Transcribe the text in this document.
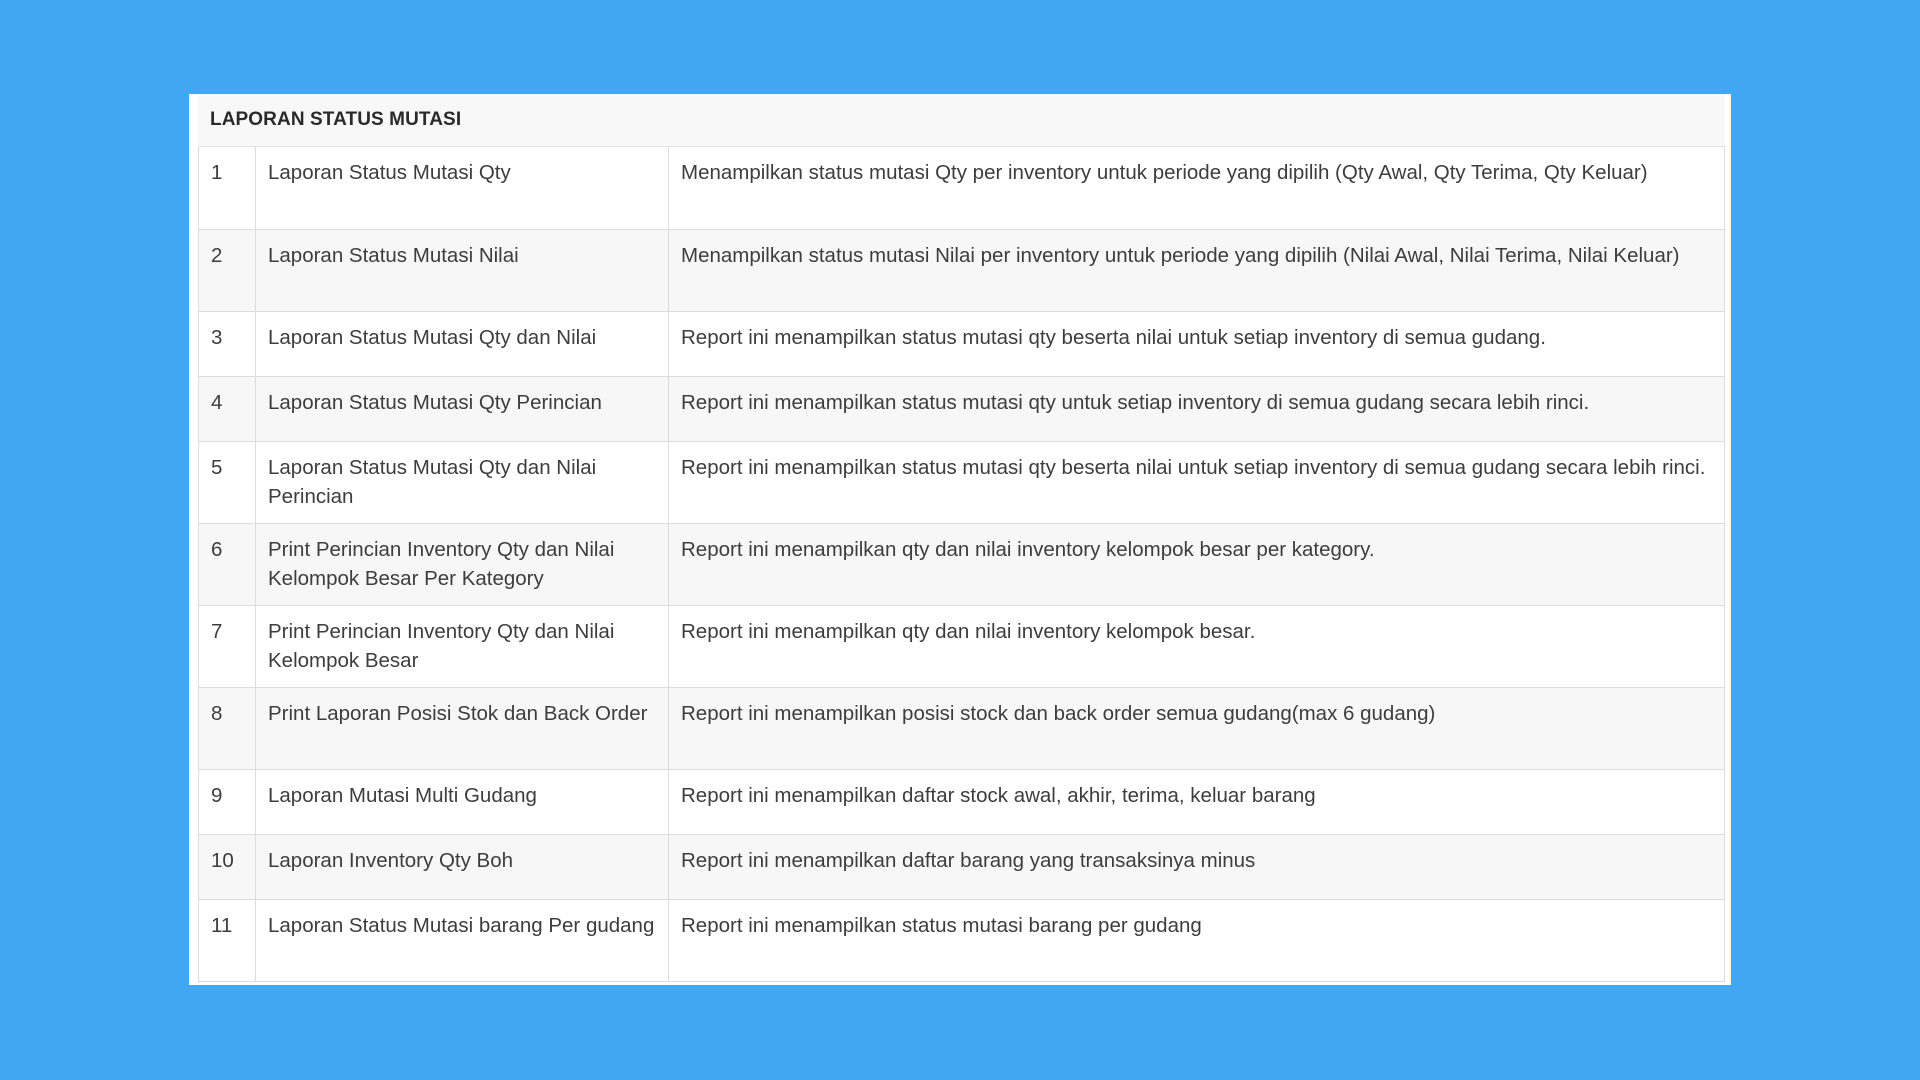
LAPORAN STATUS MUTASI
1	Laporan Status Mutasi Qty	Menampilkan status mutasi Qty per inventory untuk periode yang dipilih (Qty Awal, Qty Terima, Qty Keluar)
2	Laporan Status Mutasi Nilai	Menampilkan status mutasi Nilai per inventory untuk periode yang dipilih (Nilai Awal, Nilai Terima, Nilai Keluar)
3	Laporan Status Mutasi Qty dan Nilai	Report ini menampilkan status mutasi qty beserta nilai untuk setiap inventory di semua gudang.
4	Laporan Status Mutasi Qty Perincian	Report ini menampilkan status mutasi qty untuk setiap inventory di semua gudang secara lebih rinci.
5	Laporan Status Mutasi Qty dan Nilai Perincian	Report ini menampilkan status mutasi qty beserta nilai untuk setiap inventory di semua gudang secara lebih rinci.
6	Print Perincian Inventory Qty dan Nilai Kelompok Besar Per Kategory	Report ini menampilkan qty dan nilai inventory kelompok besar per kategory.
7	Print Perincian Inventory Qty dan Nilai Kelompok Besar	Report ini menampilkan qty dan nilai inventory kelompok besar.
8	Print Laporan Posisi Stok dan Back Order	Report ini menampilkan posisi stock dan back order semua gudang(max 6 gudang)
9	Laporan Mutasi Multi Gudang	Report ini menampilkan daftar stock awal, akhir, terima, keluar barang
10	Laporan Inventory Qty Boh	Report ini menampilkan daftar barang yang transaksinya minus
11	Laporan Status Mutasi barang Per gudang	Report ini menampilkan status mutasi barang per gudang
